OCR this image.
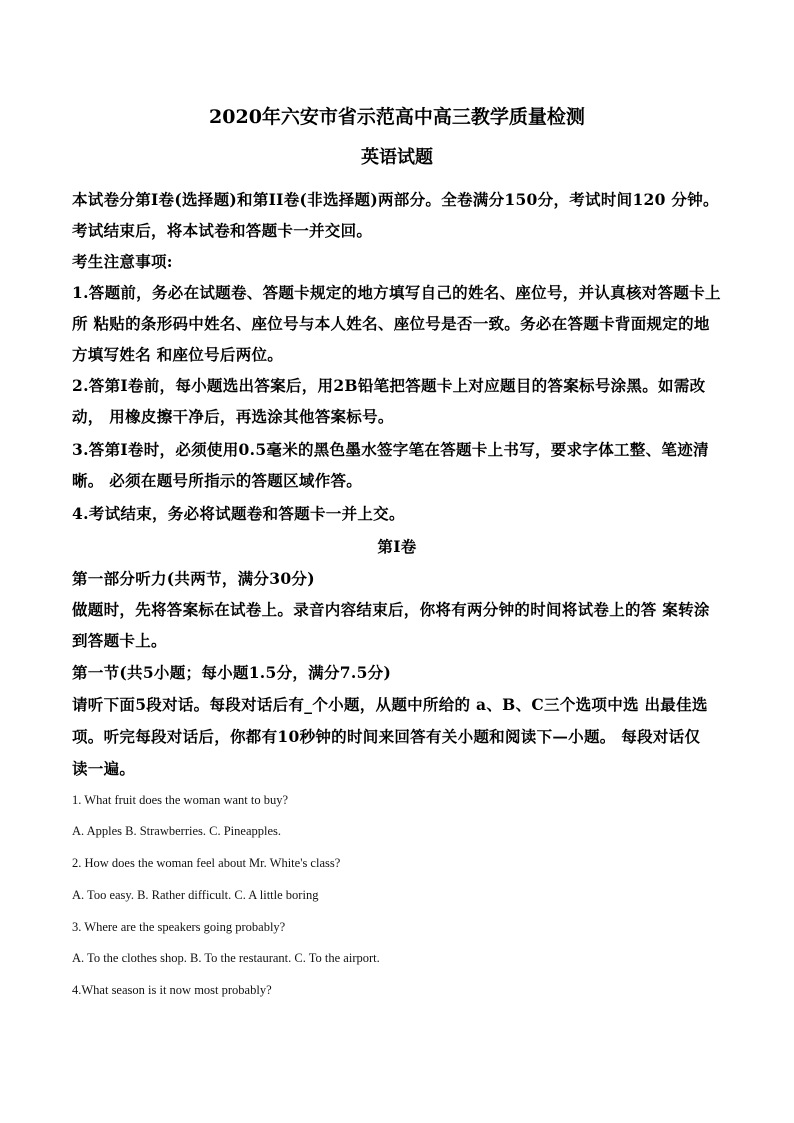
2020年六安市省示范高中高三教学质量检测
英语试题
本试卷分第I卷(选择题)和第II卷(非选择题)两部分。全卷满分150分，考试时间120 分钟。
考试结束后，将本试卷和答题卡一并交回。
考生注意事项:
1.答题前，务必在试题卷、答题卡规定的地方填写自己的姓名、座位号，并认真核对答题卡上
所 粘贴的条形码中姓名、座位号与本人姓名、座位号是否一致。务必在答题卡背面规定的地
方填写姓名 和座位号后两位。
2.答第I卷前，每小题选出答案后，用2B铅笔把答题卡上对应题目的答案标号涂黑。如需改
动， 用橡皮擦干净后，再选涂其他答案标号。
3.答第I卷时，必须使用0.5毫米的黑色墨水签字笔在答题卡上书写，要求字体工整、笔迹清
晰。 必须在题号所指示的答题区域作答。
4.考试结束，务必将试题卷和答题卡一并上交。
第I卷
第一部分听力(共两节，满分30分)
做题时，先将答案标在试卷上。录音内容结束后，你将有两分钟的时间将试卷上的答 案转涂
到答题卡上。
第一节(共5小题；每小题1.5分，满分7.5分)
请听下面5段对话。每段对话后有_个小题，从题中所给的 a、B、C三个选项中选 出最佳选
项。听完每段对话后，你都有10秒钟的时间来回答有关小题和阅读下—小题。 每段对话仅
读一遍。
1. What fruit does the woman want to buy?
A. Apples B. Strawberries. C. Pineapples.
2. How does the woman feel about Mr. White's class?
A. Too easy. B. Rather difficult. C. A little boring
3. Where are the speakers going probably?
A. To the clothes shop. B. To the restaurant. C. To the airport.
4.What season is it now most probably?
